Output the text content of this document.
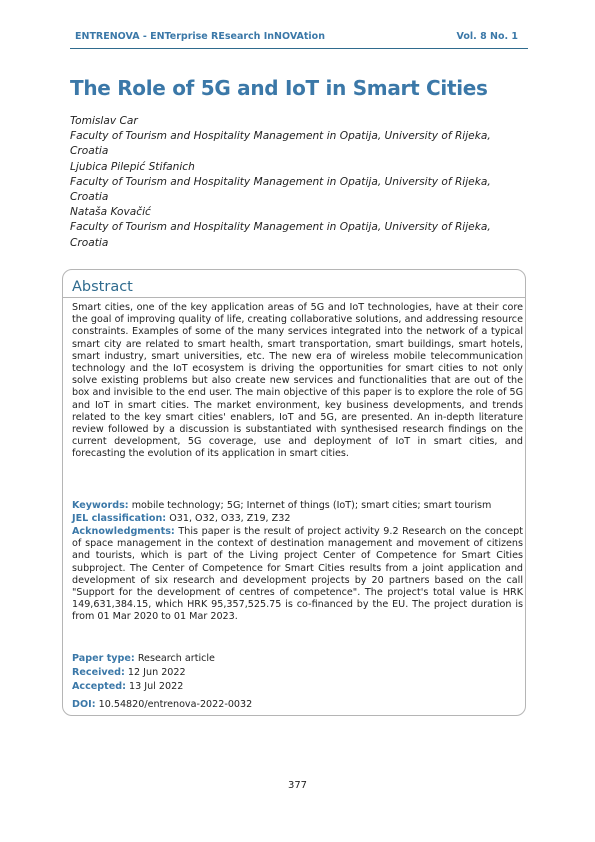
ENTRENOVA - ENTerprise REsearch InNOVAtion	Vol. 8 No. 1
The Role of 5G and IoT in Smart Cities
Tomislav Car
Faculty of Tourism and Hospitality Management in Opatija, University of Rijeka,
Croatia
Ljubica Pilepić Stifanich
Faculty of Tourism and Hospitality Management in Opatija, University of Rijeka,
Croatia
Nataša Kovačić
Faculty of Tourism and Hospitality Management in Opatija, University of Rijeka,
Croatia
Abstract
Smart cities, one of the key application areas of 5G and IoT technologies, have at their core the goal of improving quality of life, creating collaborative solutions, and addressing resource constraints. Examples of some of the many services integrated into the network of a typical smart city are related to smart health, smart transportation, smart buildings, smart hotels, smart industry, smart universities, etc. The new era of wireless mobile telecommunication technology and the IoT ecosystem is driving the opportunities for smart cities to not only solve existing problems but also create new services and functionalities that are out of the box and invisible to the end user. The main objective of this paper is to explore the role of 5G and IoT in smart cities. The market environment, key business developments, and trends related to the key smart cities' enablers, IoT and 5G, are presented. An in-depth literature review followed by a discussion is substantiated with synthesised research findings on the current development, 5G coverage, use and deployment of IoT in smart cities, and forecasting the evolution of its application in smart cities.
Keywords: mobile technology; 5G; Internet of things (IoT); smart cities; smart tourism
JEL classification: O31, O32, O33, Z19, Z32
Acknowledgments: This paper is the result of project activity 9.2 Research on the concept of space management in the context of destination management and movement of citizens and tourists, which is part of the Living project Center of Competence for Smart Cities subproject. The Center of Competence for Smart Cities results from a joint application and development of six research and development projects by 20 partners based on the call "Support for the development of centres of competence". The project's total value is HRK 149,631,384.15, which HRK 95,357,525.75 is co-financed by the EU. The project duration is from 01 Mar 2020 to 01 Mar 2023.
Paper type: Research article
Received: 12 Jun 2022
Accepted: 13 Jul 2022
DOI: 10.54820/entrenova-2022-0032
377
